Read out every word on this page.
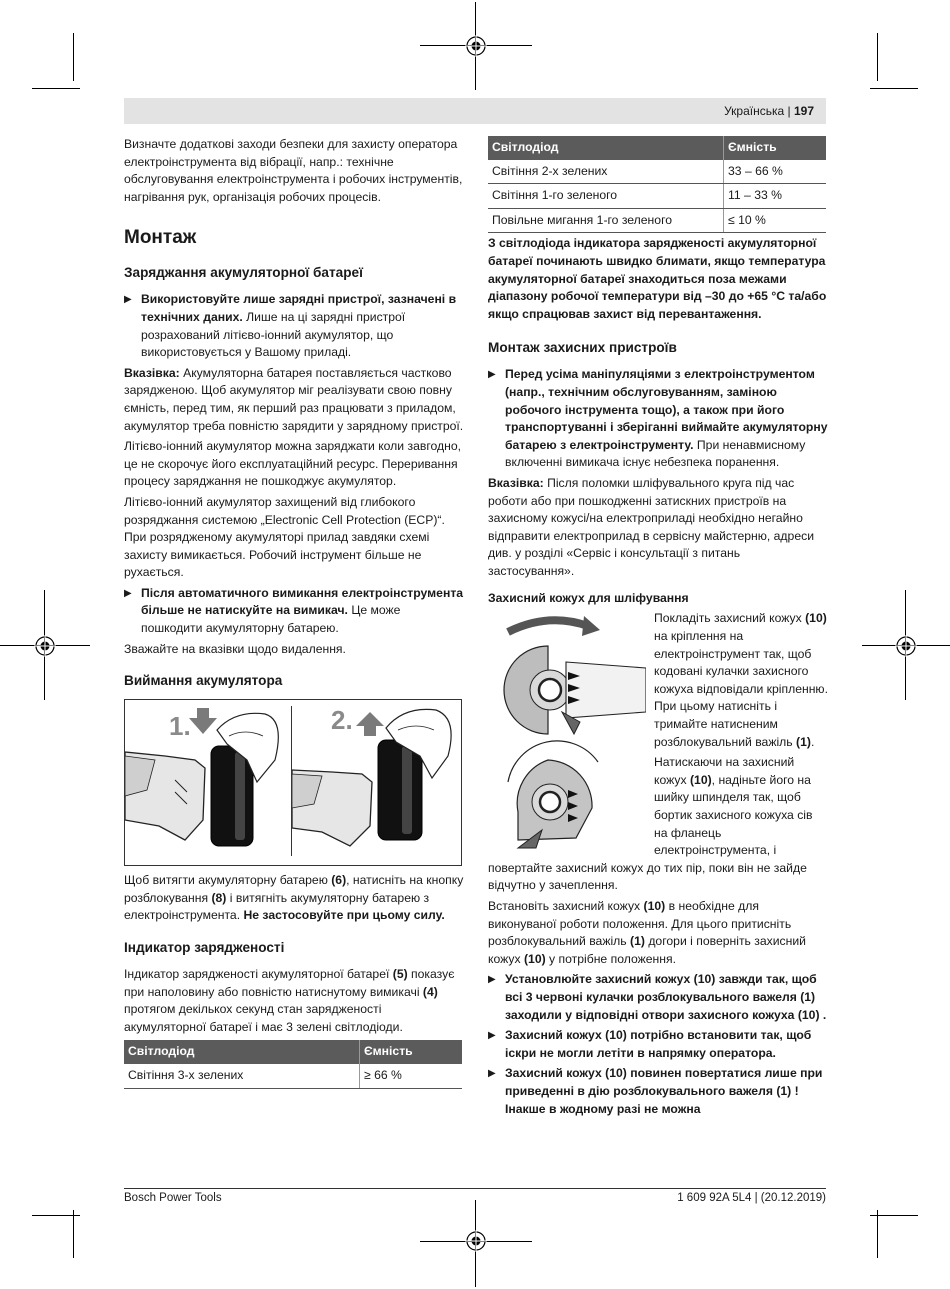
Українська | 197

Визначте додаткові заходи безпеки для захисту оператора електроінструмента від вібрації, напр.: технічне обслуговування електроінструмента і робочих інструментів, нагрівання рук, організація робочих процесів.

Монтаж
Заряджання акумуляторної батареї
▶ Використовуйте лише зарядні пристрої, зазначені в технічних даних. Лише на ці зарядні пристрої розрахований літієво-іонний акумулятор, що використовується у Вашому приладі.

Вказівка: Акумуляторна батарея поставляється частково зарядженою. Щоб акумулятор міг реалізувати свою повну ємність, перед тим, як перший раз працювати з приладом, акумулятор треба повністю зарядити у зарядному пристрої.

Літієво-іонний акумулятор можна заряджати коли завгодно, це не скорочує його експлуатаційний ресурс. Переривання процесу заряджання не пошкоджує акумулятор.

Літієво-іонний акумулятор захищений від глибокого розряджання системою „Electronic Cell Protection (ECP)“. При розрядженому акумуляторі прилад завдяки схемі захисту вимикається. Робочий інструмент більше не рухається.

▶ Після автоматичного вимикання електроінструмента більше не натискуйте на вимикач. Це може пошкодити акумуляторну батарею.

Зважайте на вказівки щодо видалення.

Виймання акумулятора
1.	2.

Щоб витягти акумуляторну батарею (6), натисніть на кнопку розблокування (8) і витягніть акумуляторну батарею з електроінструмента. Не застосовуйте при цьому силу.

Індикатор зарядженості

Індикатор зарядженості акумуляторної батареї (5) показує при наполовину або повністю натиснутому вимикачі (4) протягом декількох секунд стан зарядженості акумуляторної батареї і має 3 зелені світлодіоди.

Світлодіод	Ємність
Світіння 3-х зелених	≥ 66 %
Світлодіод	Ємність
Світіння 2-х зелених	33 – 66 %
Світіння 1-го зеленого	11 – 33 %
Повільне мигання 1-го зеленого	≤ 10 %

З світлодіода індикатора зарядженості акумуляторної батареї починають швидко блимати, якщо температура акумуляторної батареї знаходиться поза межами діапазону робочої температури від –30 до +65 °C та/або якщо спрацював захист від перевантаження.

Монтаж захисних пристроїв
▶ Перед усіма маніпуляціями з електроінструментом (напр., технічним обслуговуванням, заміною робочого інструмента тощо), а також при його транспортуванні і зберіганні виймайте акумуляторну батарею з електроінструменту. При ненавмисному включенні вимикача існує небезпека поранення.

Вказівка: Після поломки шліфувального круга під час роботи або при пошкодженні затискних пристроїв на захисному кожусі/на електроприладі необхідно негайно відправити електроприлад в сервісну майстерню, адреси див. у розділі «Сервіс і консультації з питань застосування».

Захисний кожух для шліфування

Покладіть захисний кожух (10) на кріплення на електроінструмент так, щоб кодовані кулачки захисного кожуха відповідали кріпленню. При цьому натисніть і тримайте натисненим розблокувальний важіль (1).

Натискаючи на захисний кожух (10), надіньте його на шийку шпинделя так, щоб бортик захисного кожуха сів на фланець електроінструмента, і повертайте захисний кожух до тих пір, поки він не зайде відчутно у зачеплення.

Встановіть захисний кожух (10) в необхідне для виконуваної роботи положення. Для цього притисніть розблокувальний важіль (1) догори і поверніть захисний кожух (10) у потрібне положення.

▶ Установлюйте захисний кожух (10) завжди так, щоб всі 3 червоні кулачки розблокувального важеля (1) заходили у відповідні отвори захисного кожуха (10) .
▶ Захисний кожух (10) потрібно встановити так, щоб іскри не могли летіти в напрямку оператора.
▶ Захисний кожух (10) повинен повертатися лише при приведенні в дію розблокувального важеля (1) ! Інакше в жодному разі не можна
Bosch Power Tools	1 609 92A 5L4 | (20.12.2019)
